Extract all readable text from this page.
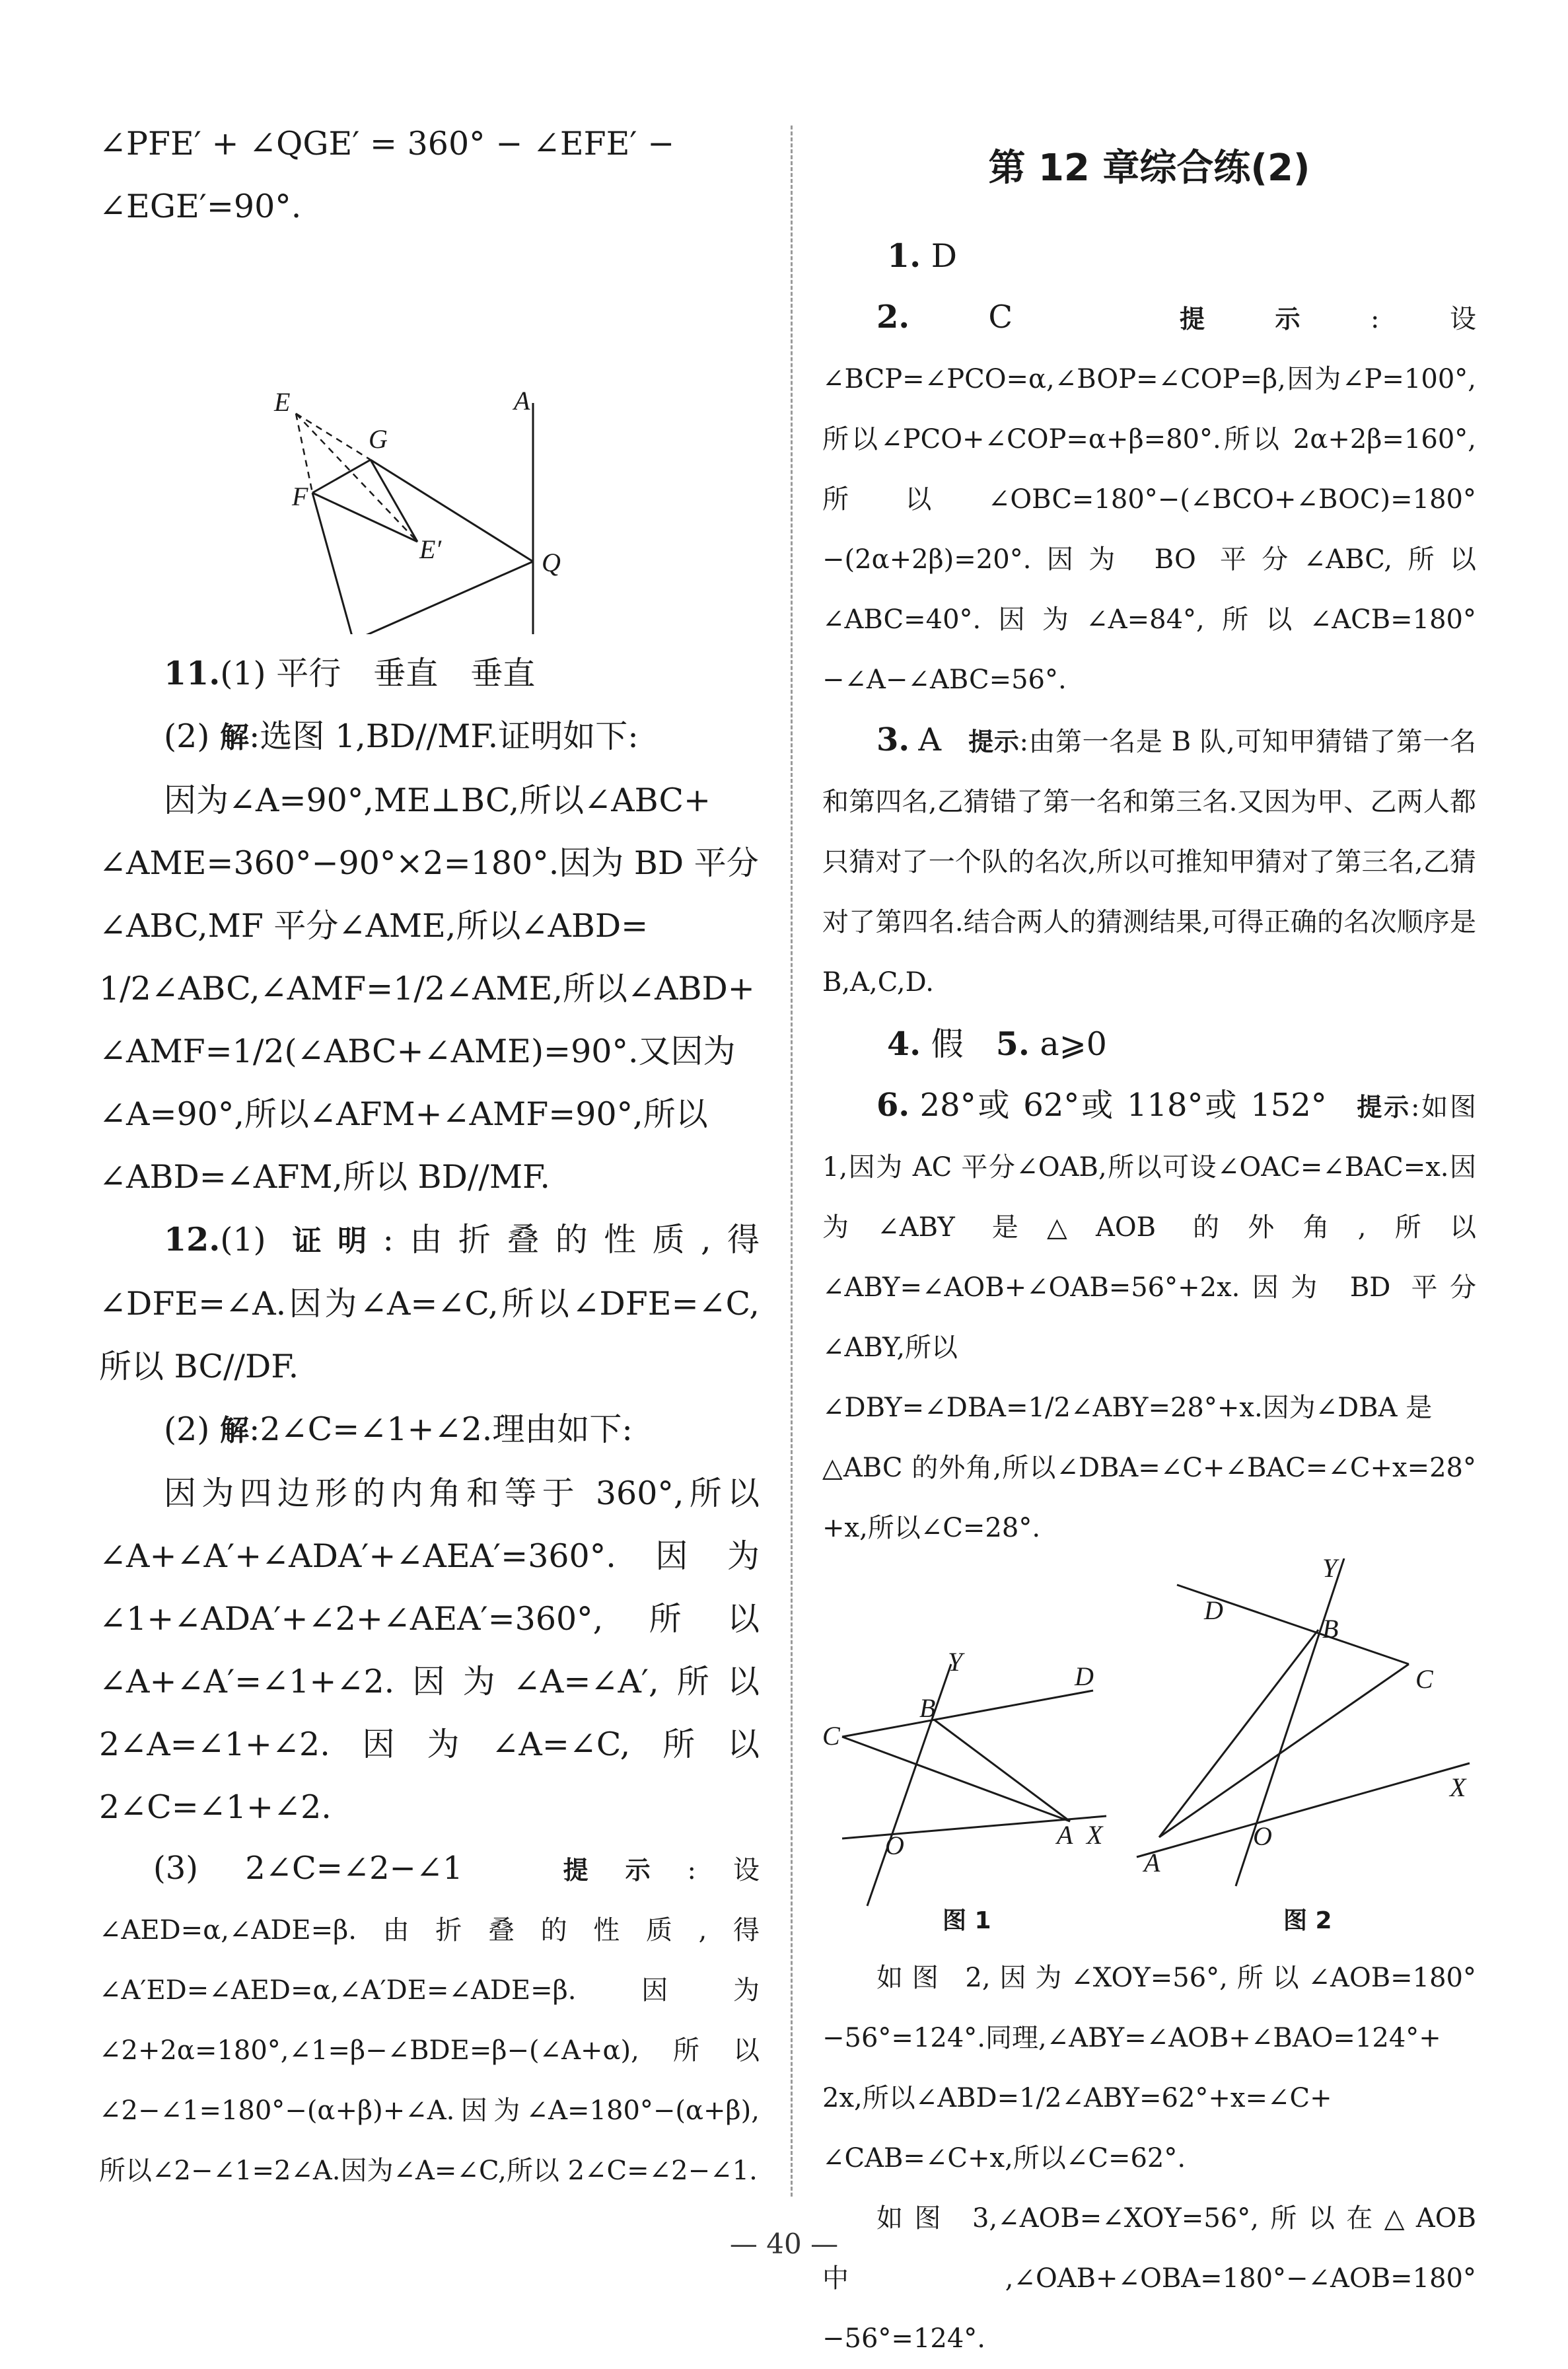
∠PFE′ + ∠QGE′ = 360° − ∠EFE′ −

∠EGE′=90°.

E
G
F
E′
A
Q

11.(1) 平行　垂直　垂直

(2) 解:选图 1,BD//MF.证明如下:

因为∠A=90°,ME⊥BC,所以∠ABC+

∠AME=360°−90°×2=180°.因为 BD 平分

∠ABC,MF 平分∠AME,所以∠ABD=

1/2∠ABC,∠AMF=1/2∠AME,所以∠ABD+

∠AMF=1/2(∠ABC+∠AME)=90°.又因为

∠A=90°,所以∠AFM+∠AMF=90°,所以

∠ABD=∠AFM,所以 BD//MF.

12.(1) 证明:由折叠的性质,得∠DFE=∠A.因为∠A=∠C,所以∠DFE=∠C,所以 BC//DF.

(2) 解:2∠C=∠1+∠2.理由如下:

因为四边形的内角和等于 360°,所以∠A+∠A′+∠ADA′+∠AEA′=360°.因为∠1+∠ADA′+∠2+∠AEA′=360°,所以∠A+∠A′=∠1+∠2.因为∠A=∠A′,所以 2∠A=∠1+∠2.因为∠A=∠C,所以 2∠C=∠1+∠2.

(3) 2∠C=∠2−∠1　	提示:设∠AED=α,∠ADE=β.由折叠的性质,得∠A′ED=∠AED=α,∠A′DE=∠ADE=β.因为∠2+2α=180°,∠1=β−∠BDE=β−(∠A+α),所以∠2−∠1=180°−(α+β)+∠A.因为∠A=180°−(α+β),所以∠2−∠1=2∠A.因为∠A=∠C,所以 2∠C=∠2−∠1.

第 12 章综合练(2)

1. D

2. C　	提示:设∠BCP=∠PCO=α,∠BOP=∠COP=β,因为∠P=100°,所以∠PCO+∠COP=α+β=80°.所以 2α+2β=160°,所以∠OBC=180°−(∠BCO+∠BOC)=180°−(2α+2β)=20°.因为 BO 平分∠ABC,所以∠ABC=40°.因为∠A=84°,所以∠ACB=180°−∠A−∠ABC=56°.

3. A　 提示:由第一名是 B 队,可知甲猜错了第一名和第四名,乙猜错了第一名和第三名.又因为甲、乙两人都只猜对了一个队的名次,所以可推知甲猜对了第三名,乙猜对了第四名.结合两人的猜测结果,可得正确的名次顺序是 B,A,C,D.

4. 假　 5. a⩾0

6. 28°或 62°或 118°或 152°　 提示:如图 1,因为 AC 平分∠OAB,所以可设∠OAC=∠BAC=x.因为∠ABY 是△AOB 的外角,所以∠ABY=∠AOB+∠OAB=56°+2x.因为 BD 平分∠ABY,所以

∠DBY=∠DBA=1/2∠ABY=28°+x.因为∠DBA 是

△ABC 的外角,所以∠DBA=∠C+∠BAC=∠C+x=28°+x,所以∠C=28°.

Y	D
B
C
O	A X
图 1
Y
D
B
C
X
O
A
图 2

如图 2,因为∠XOY=56°,所以∠AOB=180°−56°=124°.同理,∠ABY=∠AOB+∠BAO=124°+

2x,所以∠ABD=1/2∠ABY=62°+x=∠C+

∠CAB=∠C+x,所以∠C=62°.

如图 3,∠AOB=∠XOY=56°,所以在△AOB 中,∠OAB+∠OBA=180°−∠AOB=180°−56°=124°.

— 40 —
